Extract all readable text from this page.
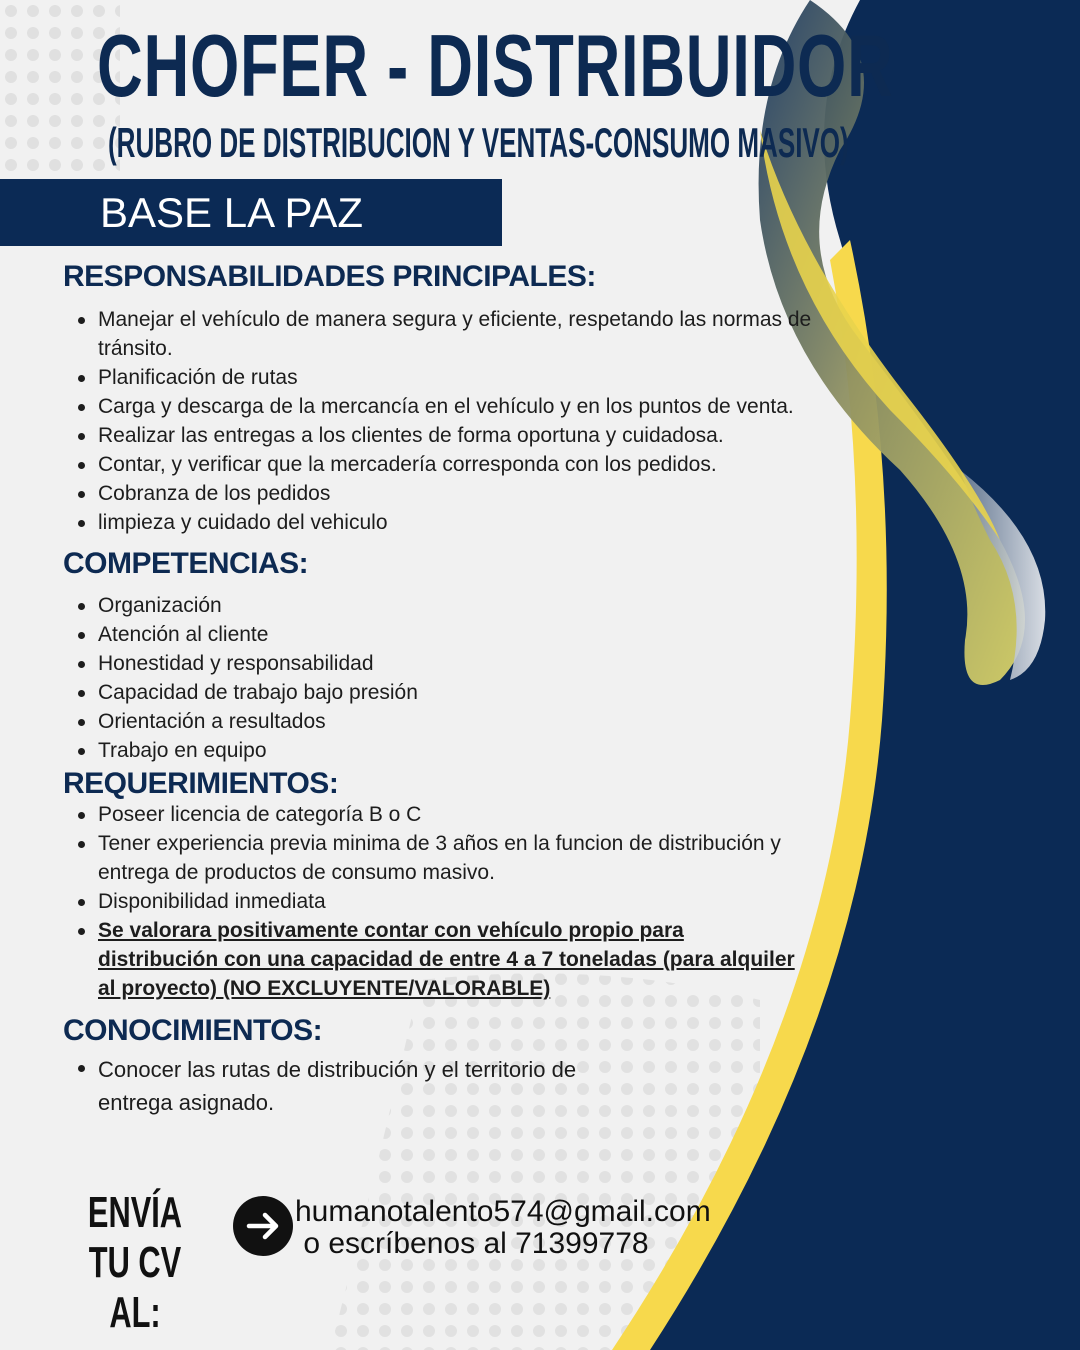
CHOFER - DISTRIBUIDOR
(RUBRO DE DISTRIBUCION Y VENTAS-CONSUMO MASIVO)
BASE LA PAZ
RESPONSABILIDADES PRINCIPALES:
Manejar el vehículo de manera segura y eficiente, respetando las normas de tránsito.
Planificación de rutas
Carga y descarga de la mercancía en el vehículo y en los puntos de venta.
Realizar las entregas a los clientes de forma oportuna y cuidadosa.
Contar, y verificar que la mercadería corresponda con los pedidos.
Cobranza de los pedidos
limpieza y cuidado del vehiculo
COMPETENCIAS:
Organización
Atención al cliente
Honestidad y responsabilidad
Capacidad de trabajo bajo presión
Orientación a resultados
Trabajo en equipo
REQUERIMIENTOS:
Poseer licencia de categoría B o C
Tener experiencia previa minima de 3 años en la funcion de distribución y entrega de productos de consumo masivo.
Disponibilidad inmediata
Se valorara positivamente contar con vehículo propio para distribución con una capacidad de entre 4 a 7 toneladas (para alquiler al proyecto) (NO EXCLUYENTE/VALORABLE)
CONOCIMIENTOS:
Conocer las rutas de distribución y el territorio de entrega asignado.
ENVÍA TU CV
AL:
humanotalento574@gmail.com
o escríbenos al 71399778
